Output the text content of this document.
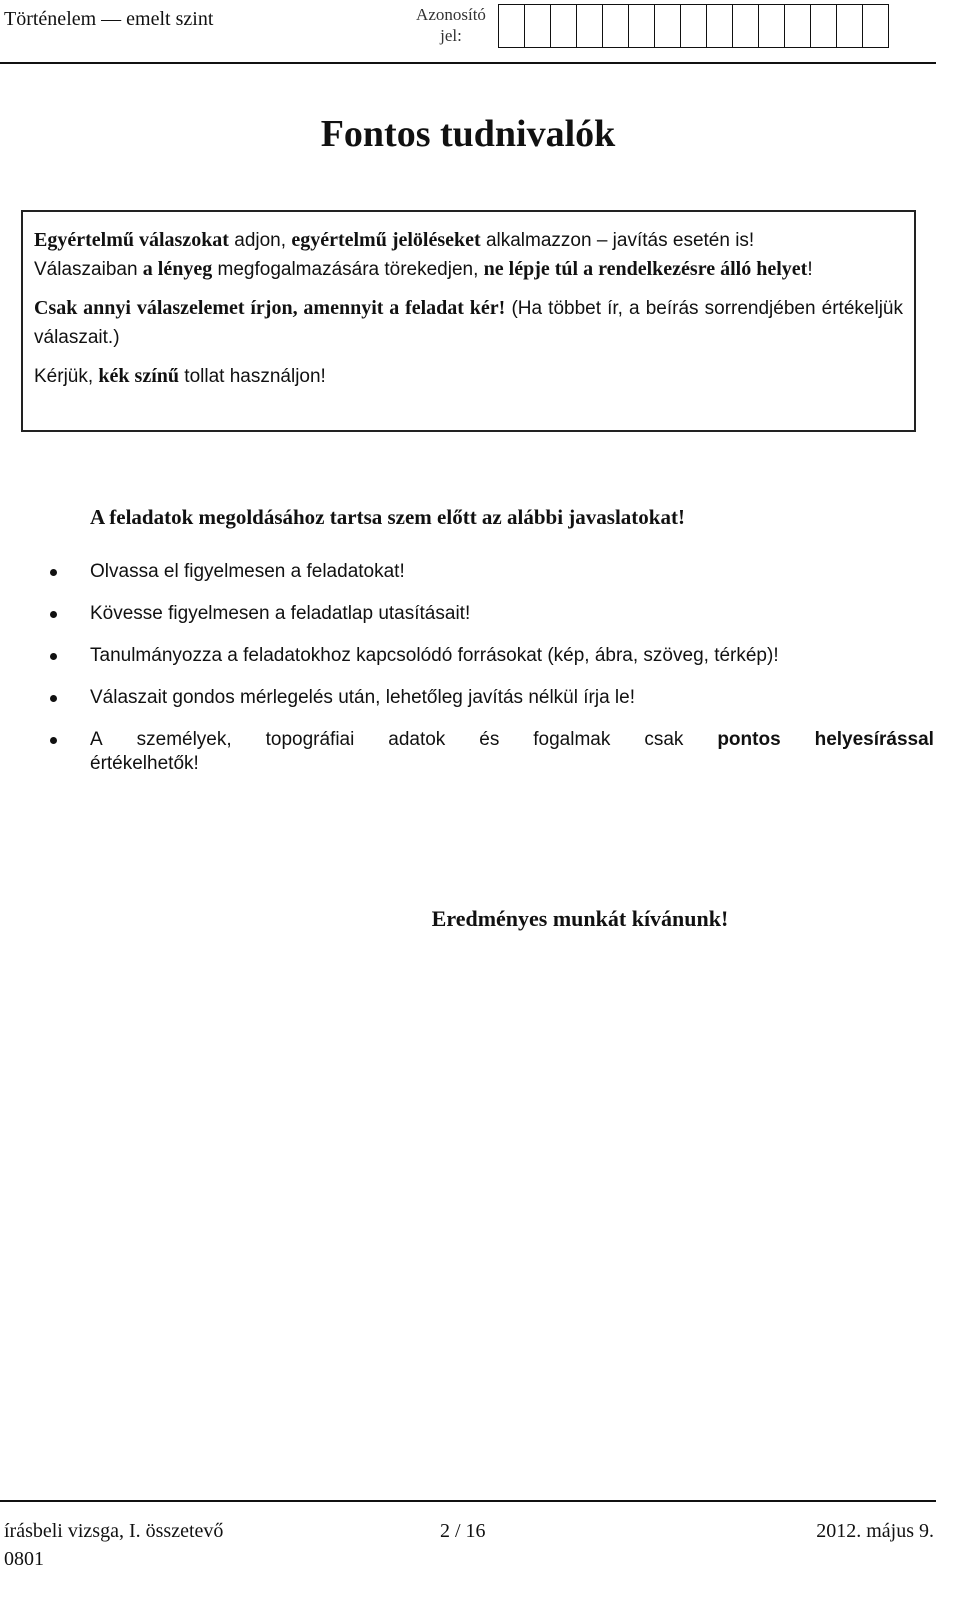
Történelem — emelt szint	Azonosító jel:
Fontos tudnivalók

Egyértelmű válaszokat adjon, egyértelmű jelöléseket alkalmazzon – javítás esetén is!

Válaszaiban a lényeg megfogalmazására törekedjen, ne lépje túl a rendelkezésre álló helyet!

Csak annyi válaszelemet írjon, amennyit a feladat kér! (Ha többet ír, a beírás sorrendjében értékeljük válaszait.)

Kérjük, kék színű tollat használjon!

A feladatok megoldásához tartsa szem előtt az alábbi javaslatokat!
Olvassa el figyelmesen a feladatokat!
Kövesse figyelmesen a feladatlap utasításait!
Tanulmányozza a feladatokhoz kapcsolódó forrásokat (kép, ábra, szöveg, térkép)!
Válaszait gondos mérlegelés után, lehetőleg javítás nélkül írja le!
A személyek, topográfiai adatok és fogalmak csak pontos helyesírással
értékelhetők!
Eredményes munkát kívánunk!
írásbeli vizsga, I. összetevő
0801
2 / 16	2012. május 9.
